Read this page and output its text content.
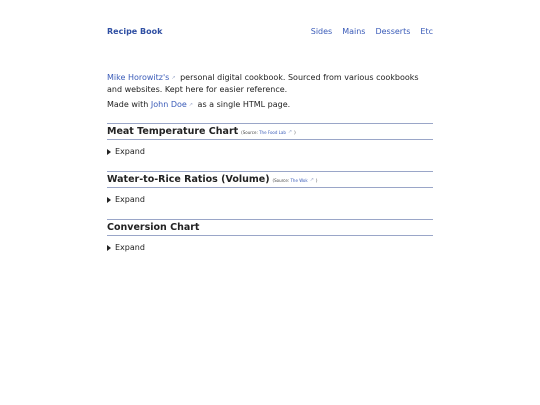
Recipe Book	Sides Mains Desserts Etc

Mike Horowitz's ↗ personal digital cookbook. Sourced from various cookbooks and websites. Kept here for easier reference.

Made with John Doe ↗ as a single HTML page.

Meat Temperature Chart (Source: The Food Lab ↗ )
Expand
Water-to-Rice Ratios (Volume) (Source: The Wok ↗ )
Expand
Conversion Chart
Expand
